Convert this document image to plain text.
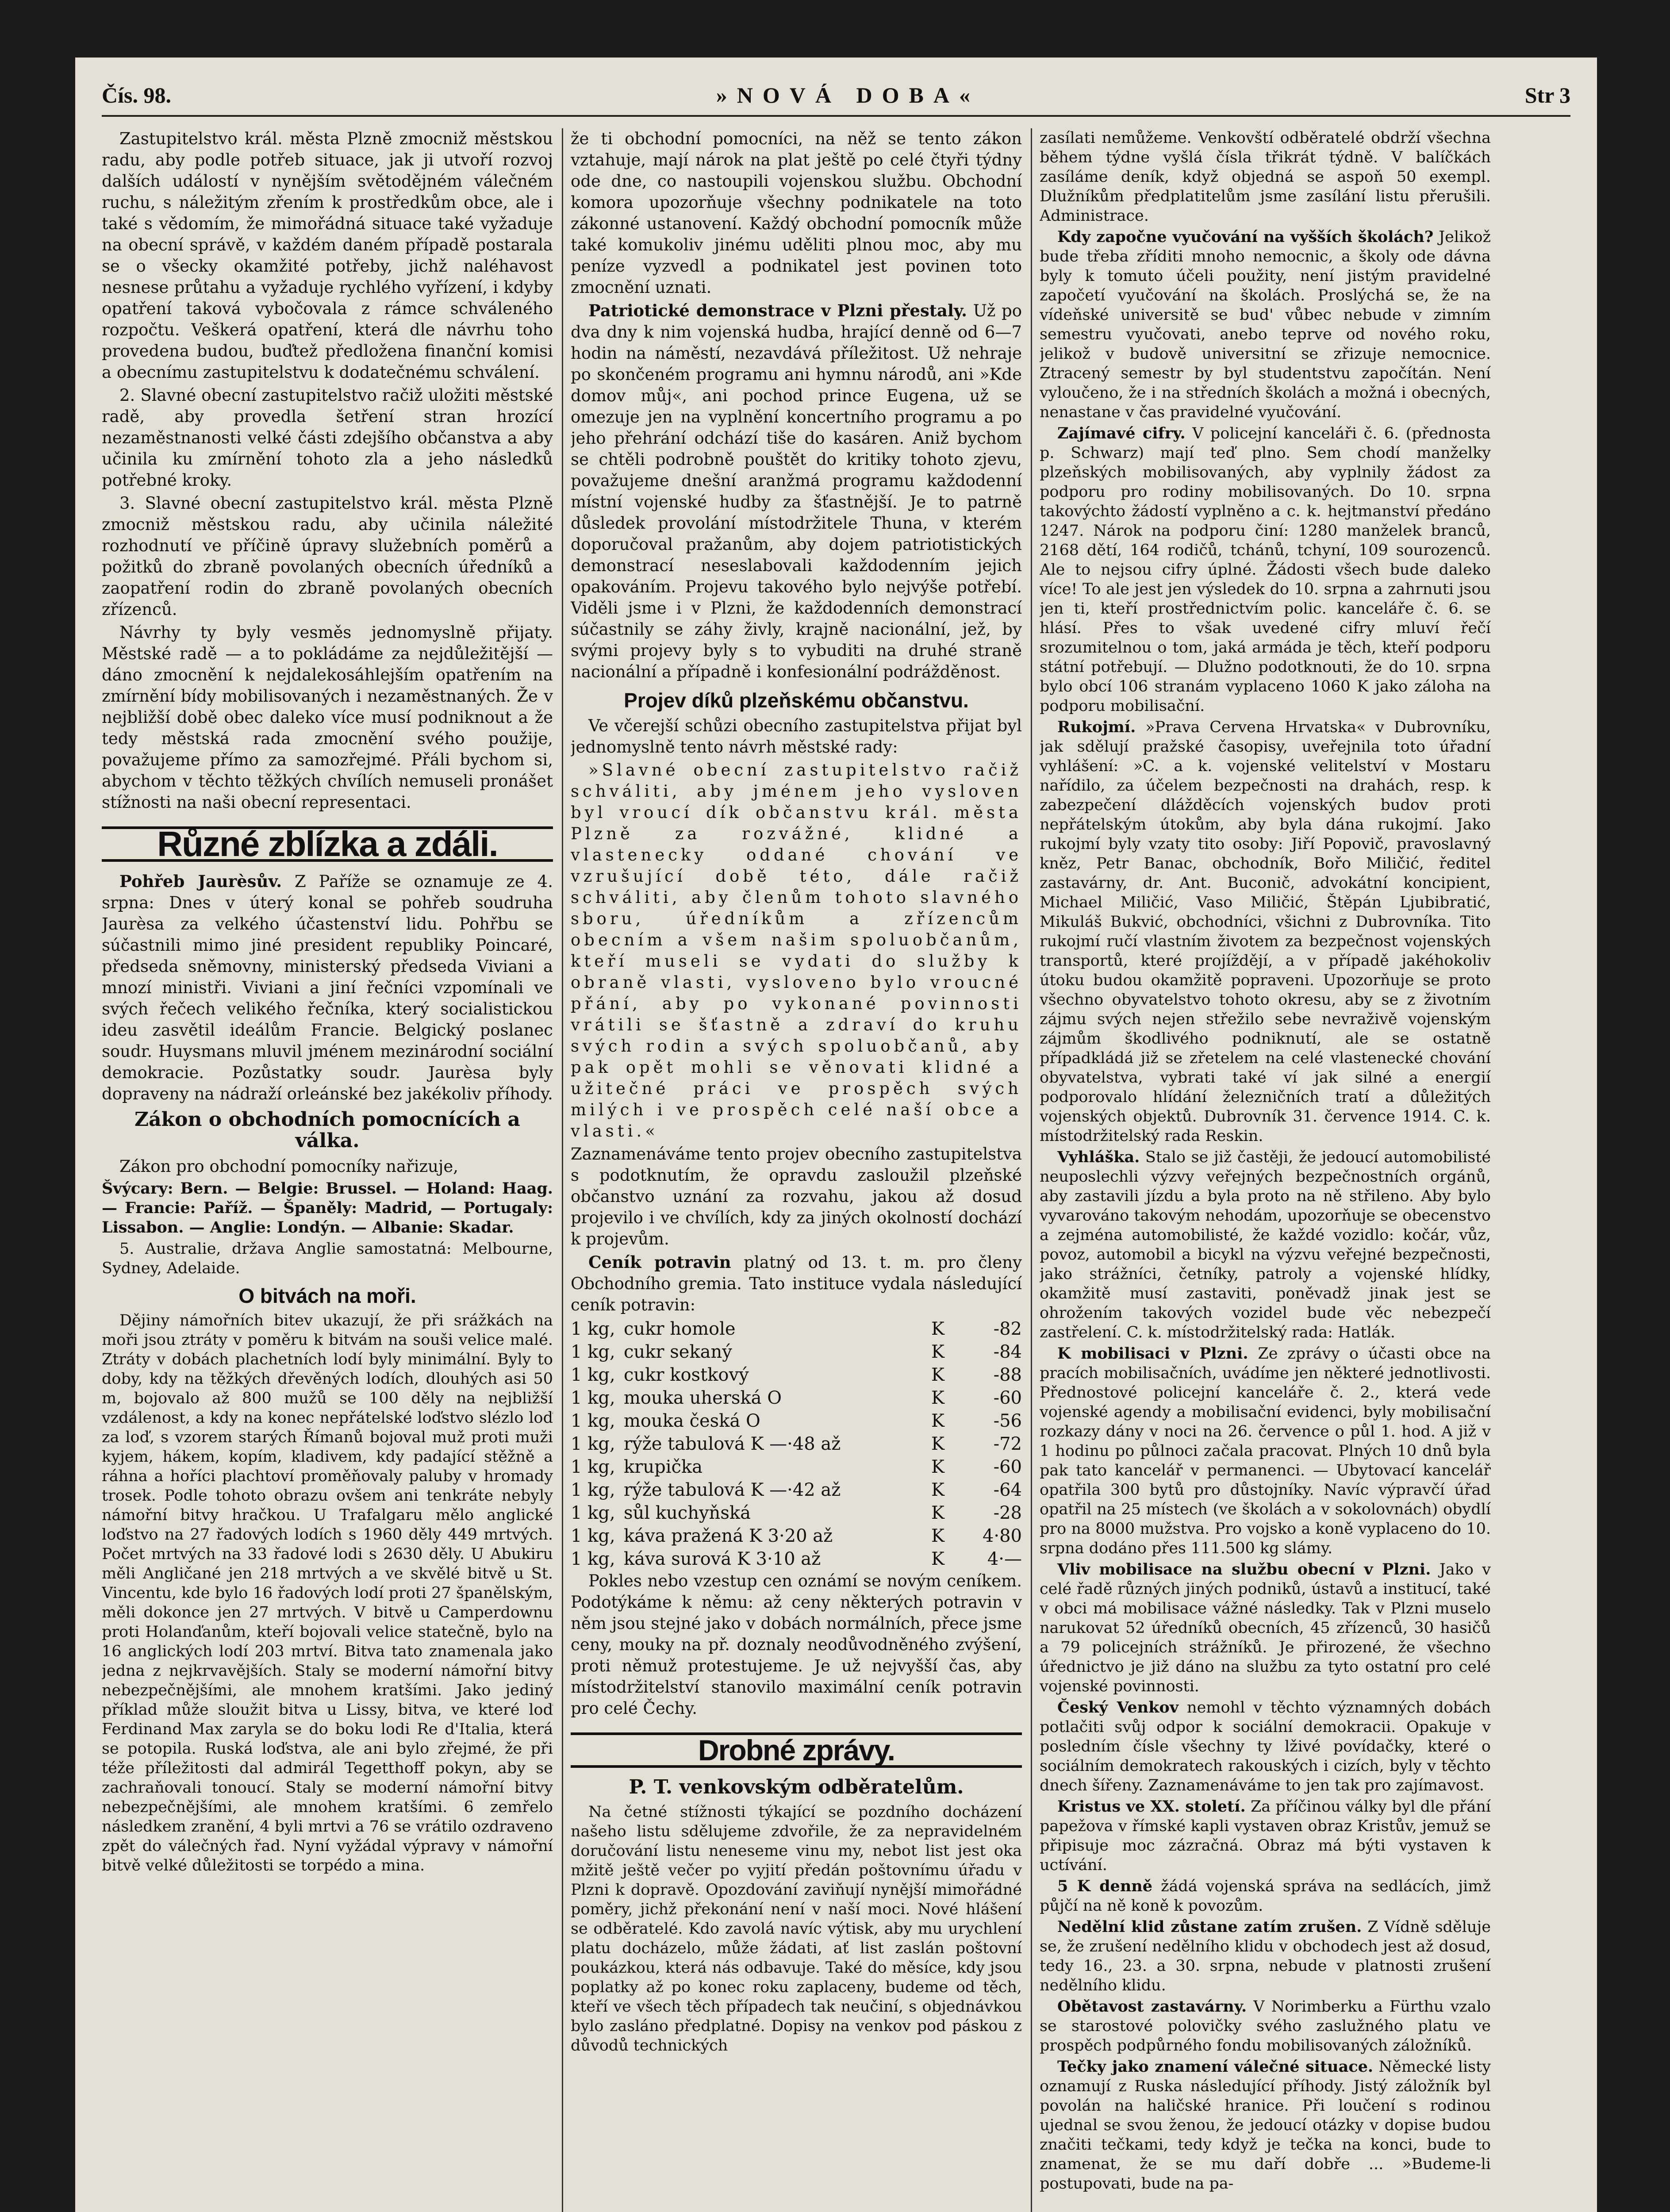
Čís. 98.	»NOVÁ DOBA«	Str 3

Zastupitelstvo král. města Plzně zmocniž městskou radu, aby podle potřeb situace, jak ji utvoří rozvoj dalších událostí v nynějším světodějném válečném ruchu, s náležitým zřením k prostředkům obce, ale i také s vědomím, že mimořádná situace také vyžaduje na obecní správě, v každém daném případě postarala se o všecky okamžité potřeby, jichž naléhavost nesnese průtahu a vyžaduje rychlého vyřízení, i kdyby opatření taková vybočovala z rámce schváleného rozpočtu. Veškerá opatření, která dle návrhu toho provedena budou, buďtež předložena finanční komisi a obecnímu zastupitelstvu k dodatečnému schválení.

2. Slavné obecní zastupitelstvo račiž uložiti městské radě, aby provedla šetření stran hrozící nezaměstnanosti velké části zdejšího občanstva a aby učinila ku zmírnění tohoto zla a jeho následků potřebné kroky.

3. Slavné obecní zastupitelstvo král. města Plzně zmocniž městskou radu, aby učinila náležité rozhodnutí ve příčině úpravy služebních poměrů a požitků do zbraně povolaných obecních úředníků a zaopatření rodin do zbraně povolaných obecních zřízenců.

Návrhy ty byly vesměs jednomyslně přijaty. Městské radě — a to pokládáme za nejdůležitější — dáno zmocnění k nejdalekosáhlejším opatřením na zmírnění bídy mobilisovaných i nezaměstnaných. Že v nejbližší době obec daleko více musí podniknout a že tedy městská rada zmocnění svého použije, považujeme přímo za samozřejmé. Přáli bychom si, abychom v těchto těžkých chvílích nemuseli pronášet stížnosti na naši obecní representaci.

Různé zblízka a zdáli.

Pohřeb Jaurèsův. Z Paříže se oznamuje ze 4. srpna: Dnes v úterý konal se pohřeb soudruha Jaurèsa za velkého účastenství lidu. Pohřbu se súčastnili mimo jiné president republiky Poincaré, předseda sněmovny, ministerský předseda Viviani a mnozí ministři. Viviani a jiní řečníci vzpomínali ve svých řečech velikého řečníka, který socialistickou ideu zasvětil ideálům Francie. Belgický poslanec soudr. Huysmans mluvil jménem mezinárodní sociální demokracie. Pozůstatky soudr. Jaurèsa byly dopraveny na nádraží orleánské bez jakékoliv příhody.

Zákon o obchodních pomocnících a válka.

Zákon pro obchodní pomocníky nařizuje,

Švýcary: Bern. — Belgie: Brussel. — Holand: Haag. — Francie: Paříž. — Španěly: Madrid, — Portugaly: Lissabon. — Anglie: Londýn. — Albanie: Skadar.

5. Australie, država Anglie samostatná: Melbourne, Sydney, Adelaide.

O bitvách na moři.

Dějiny námořních bitev ukazují, že při srážkách na moři jsou ztráty v poměru k bitvám na souši velice malé. Ztráty v dobách plachetních lodí byly minimální. Byly to doby, kdy na těžkých dřevěných lodích, dlouhých asi 50 m, bojovalo až 800 mužů se 100 děly na nejbližší vzdálenost, a kdy na konec nepřátelské loďstvo slézlo loď za loď, s vzorem starých Římanů bojoval muž proti muži kyjem, hákem, kopím, kladivem, kdy padající stěžně a ráhna a hoříci plachtoví proměňovaly paluby v hromady trosek. Podle tohoto obrazu ovšem ani tenkráte nebyly námořní bitvy hračkou. U Trafalgaru mělo anglické loďstvo na 27 řadových lodích s 1960 děly 449 mrtvých. Počet mrtvých na 33 řadové lodi s 2630 děly. U Abukiru měli Angličané jen 218 mrtvých a ve skvělé bitvě u St. Vincentu, kde bylo 16 řadových lodí proti 27 španělským, měli dokonce jen 27 mrtvých. V bitvě u Camperdownu proti Holanďanům, kteří bojovali velice statečně, bylo na 16 anglických lodí 203 mrtví. Bitva tato znamenala jako jedna z nejkrvavějších. Staly se moderní námořní bitvy nebezpečnějšími, ale mnohem kratšími. Jako jediný příklad může sloužit bitva u Lissy, bitva, ve které loď Ferdinand Max zaryla se do boku lodi Re d'Italia, která se potopila. Ruská loďstva, ale ani bylo zřejmé, že při téže příležitosti dal admirál Tegetthoff pokyn, aby se zachraňovali tonoucí. Staly se moderní námořní bitvy nebezpečnějšími, ale mnohem kratšími. 6 zemřelo následkem zranění, 4 byli mrtvi a 76 se vrátilo ozdraveno zpět do válečných řad. Nyní vyžádal výpravy v námořní bitvě velké důležitosti se torpédo a mina.

že ti obchodní pomocníci, na něž se tento zákon vztahuje, mají nárok na plat ještě po celé čtyři týdny ode dne, co nastoupili vojenskou službu. Obchodní komora upozorňuje všechny podnikatele na toto zákonné ustanovení. Každý obchodní pomocník může také komukoliv jinému uděliti plnou moc, aby mu peníze vyzvedl a podnikatel jest povinen toto zmocnění uznati.

Patriotické demonstrace v Plzni přestaly. Už po dva dny k nim vojenská hudba, hrající denně od 6—7 hodin na náměstí, nezavdává příležitost. Už nehraje po skončeném programu ani hymnu národů, ani »Kde domov můj«, ani pochod prince Eugena, už se omezuje jen na vyplnění koncertního programu a po jeho přehrání odchází tiše do kasáren. Aniž bychom se chtěli podrobně pouštět do kritiky tohoto zjevu, považujeme dnešní aranžmá programu každodenní místní vojenské hudby za šťastnější. Je to patrně důsledek provolání místodržitele Thuna, v kterém doporučoval pražanům, aby dojem patriotistických demonstrací neseslabovali každodenním jejich opakováním. Projevu takového bylo nejvýše potřebí. Viděli jsme i v Plzni, že každodenních demonstrací súčastnily se záhy živly, krajně nacionální, jež, by svými projevy byly s to vybuditi na druhé straně nacionální a případně i konfesionální podrážděnost.

Projev díků plzeňskému občanstvu.

Ve včerejší schůzi obecního zastupitelstva přijat byl jednomyslně tento návrh městské rady:

»Slavné obecní zastupitelstvo račiž schváliti, aby jménem jeho vysloven byl vroucí dík občanstvu král. města Plzně za rozvážné, klidné a vlastenecky oddané chování ve vzrušující době této, dále račiž schváliti, aby členům tohoto slavného sboru, úředníkům a zřízencům obecním a všem našim spoluobčanům, kteří museli se vydati do služby k obraně vlasti, vysloveno bylo vroucné přání, aby po vykonané povinnosti vrátili se šťastně a zdraví do kruhu svých rodin a svých spoluobčanů, aby pak opět mohli se věnovati klidné a užitečné práci ve prospěch svých milých i ve prospěch celé naší obce a vlasti.«

Zaznamenáváme tento projev obecního zastupitelstva s podotknutím, že opravdu zasloužil plzeňské občanstvo uznání za rozvahu, jakou až dosud projevilo i ve chvílích, kdy za jiných okolností dochází k projevům.

Ceník potravin platný od 13. t. m. pro členy Obchodního gremia. Tato instituce vydala následující ceník potravin:

1 kg,	cukr homole	K	-82
1 kg,	cukr sekaný	K	-84
1 kg,	cukr kostkový	K	-88
1 kg,	mouka uherská O	K	-60
1 kg,	mouka česká O	K	-56
1 kg,	rýže tabulová K —·48 až	K	-72
1 kg,	krupička	K	-60
1 kg,	rýže tabulová K —·42 až	K	-64
1 kg,	sůl kuchyňská	K	-28
1 kg,	káva pražená K 3·20 až	K	4·80
1 kg,	káva surová K 3·10 až	K	4·—

Pokles nebo vzestup cen oznámí se novým ceníkem. Podotýkáme k němu: až ceny některých potravin v něm jsou stejné jako v dobách normálních, přece jsme ceny, mouky na př. doznaly neodůvodněného zvýšení, proti němuž protestujeme. Je už nejvyšší čas, aby místodržitelství stanovilo maximální ceník potravin pro celé Čechy.

Drobné zprávy.
P. T. venkovským odběratelům.

Na četné stížnosti týkající se pozdního docházení našeho listu sdělujeme zdvořile, že za nepravidelném doručování listu neneseme vinu my, nebot list jest oka mžitě ještě večer po vyjití předán poštovnímu úřadu v Plzni k dopravě. Opozdování zaviňují nynější mimořádné poměry, jichž překonání není v naší moci. Nové hlášení se odběratelé. Kdo zavolá navíc výtisk, aby mu urychlení platu docházelo, může žádati, ať list zaslán poštovní poukázkou, která nás odbavuje. Také do měsíce, kdy jsou poplatky až po konec roku zaplaceny, budeme od těch, kteří ve všech těch případech tak neučiní, s objednávkou bylo zasláno předplatné. Dopisy na venkov pod páskou z důvodů technických

zasílati nemůžeme. Venkovští odběratelé obdrží všechna během týdne vyšlá čísla třikrát týdně. V balíčkách zasíláme deník, když objedná se aspoň 50 exempl. Dlužníkům předplatitelům jsme zasílání listu přerušili. Administrace.

Kdy započne vyučování na vyšších školách? Jelikož bude třeba zříditi mnoho nemocnic, a školy ode dávna byly k tomuto účeli použity, není jistým pravidelné započetí vyučování na školách. Proslýchá se, že na vídeňské universitě se bud' vůbec nebude v zimním semestru vyučovati, anebo teprve od nového roku, jelikož v budově universitní se zřizuje nemocnice. Ztracený semestr by byl studentstvu započítán. Není vyloučeno, že i na středních školách a možná i obecných, nenastane v čas pravidelné vyučování.

Zajímavé cifry. V policejní kanceláři č. 6. (přednosta p. Schwarz) mají teď plno. Sem chodí manželky plzeňských mobilisovaných, aby vyplnily žádost za podporu pro rodiny mobilisovaných. Do 10. srpna takovýchto žádostí vyplněno a c. k. hejtmanství předáno 1247. Nárok na podporu činí: 1280 manželek branců, 2168 dětí, 164 rodičů, tchánů, tchyní, 109 sourozenců. Ale to nejsou cifry úplné. Žádosti všech bude daleko více! To ale jest jen výsledek do 10. srpna a zahrnuti jsou jen ti, kteří prostřednictvím polic. kanceláře č. 6. se hlásí. Přes to však uvedené cifry mluví řečí srozumitelnou o tom, jaká armáda je těch, kteří podporu státní potřebují. — Dlužno podotknouti, že do 10. srpna bylo obcí 106 stranám vyplaceno 1060 K jako záloha na podporu mobilisační.

Rukojmí. »Prava Cervena Hrvatska« v Dubrovníku, jak sdělují pražské časopisy, uveřejnila toto úřadní vyhlášení: »C. a k. vojenské velitelství v Mostaru nařídilo, za účelem bezpečnosti na drahách, resp. k zabezpečení dlážděcích vojenských budov proti nepřátelským útokům, aby byla dána rukojmí. Jako rukojmí byly vzaty tito osoby: Jiří Popovič, pravoslavný kněz, Petr Banac, obchodník, Bořo Miličić, ředitel zastavárny, dr. Ant. Buconič, advokátní koncipient, Michael Miličić, Vaso Miličić, Štěpán Ljubibratić, Mikuláš Bukvić, obchodníci, všichni z Dubrovníka. Tito rukojmí ručí vlastním životem za bezpečnost vojenských transportů, které projíždějí, a v případě jakéhokoliv útoku budou okamžitě popraveni. Upozorňuje se proto všechno obyvatelstvo tohoto okresu, aby se z životním zájmu svých nejen střežilo sebe nevraživě vojenským zájmům škodlivého podniknutí, ale se ostatně případkládá již se zřetelem na celé vlastenecké chování obyvatelstva, vybrati také ví jak silné a energií podporovalo hlídání železničních tratí a důležitých vojenských objektů. Dubrovník 31. července 1914. C. k. místodržitelský rada Reskin.

Vyhláška. Stalo se již častěji, že jedoucí automobilisté neuposlechli výzvy veřejných bezpečnostních orgánů, aby zastavili jízdu a byla proto na ně střileno. Aby bylo vyvarováno takovým nehodám, upozorňuje se obecenstvo a zejména automobilisté, že každé vozidlo: kočár, vůz, povoz, automobil a bicykl na výzvu veřejné bezpečnosti, jako strážníci, četníky, patroly a vojenské hlídky, okamžitě musí zastaviti, poněvadž jinak jest se ohrožením takových vozidel bude věc nebezpečí zastřelení. C. k. místodržitelský rada: Hatlák.

K mobilisaci v Plzni. Ze zprávy o účasti obce na pracích mobilisačních, uvádíme jen některé jednotlivosti. Přednostové policejní kanceláře č. 2., která vede vojenské agendy a mobilisační evidenci, byly mobilisační rozkazy dány v noci na 26. července o půl 1. hod. A již v 1 hodinu po půlnoci začala pracovat. Plných 10 dnů byla pak tato kancelář v permanenci. — Ubytovací kancelář opatřila 300 bytů pro důstojníky. Navíc výpravčí úřad opatřil na 25 místech (ve školách a v sokolovnách) obydlí pro na 8000 mužstva. Pro vojsko a koně vyplaceno do 10. srpna dodáno přes 111.500 kg slámy.

Vliv mobilisace na službu obecní v Plzni. Jako v celé řadě různých jiných podniků, ústavů a institucí, také v obci má mobilisace vážné následky. Tak v Plzni muselo narukovat 52 úředníků obecních, 45 zřízenců, 30 hasičů a 79 policejních strážníků. Je přirozené, že všechno úřednictvo je již dáno na službu za tyto ostatní pro celé vojenské povinnosti.

Český Venkov nemohl v těchto významných dobách potlačiti svůj odpor k sociální demokracii. Opakuje v posledním čísle všechny ty lživé povídačky, které o sociálním demokratech rakouských i cizích, byly v těchto dnech šířeny. Zaznamenáváme to jen tak pro zajímavost.

Kristus ve XX. století. Za příčinou války byl dle přání papežova v římské kapli vystaven obraz Kristův, jemuž se připisuje moc zázračná. Obraz má býti vystaven k uctívání.

5 K denně žádá vojenská správa na sedlácích, jimž půjčí na ně koně k povozům.

Nedělní klid zůstane zatím zrušen. Z Vídně sděluje se, že zrušení nedělního klidu v obchodech jest až dosud, tedy 16., 23. a 30. srpna, nebude v platnosti zrušení nedělního klidu.

Obětavost zastavárny. V Norimberku a Fürthu vzalo se starostové polovičky svého zaslužného platu ve prospěch podpůrného fondu mobilisovaných záložníků.

Tečky jako znamení válečné situace. Německé listy oznamují z Ruska následující příhody. Jistý záložník byl povolán na haličské hranice. Při loučení s rodinou ujednal se svou ženou, že jedoucí otázky v dopise budou značiti tečkami, tedy když je tečka na konci, bude to znamenat, že se mu daří dobře ... »Budeme-li postupovati, bude na pa-
